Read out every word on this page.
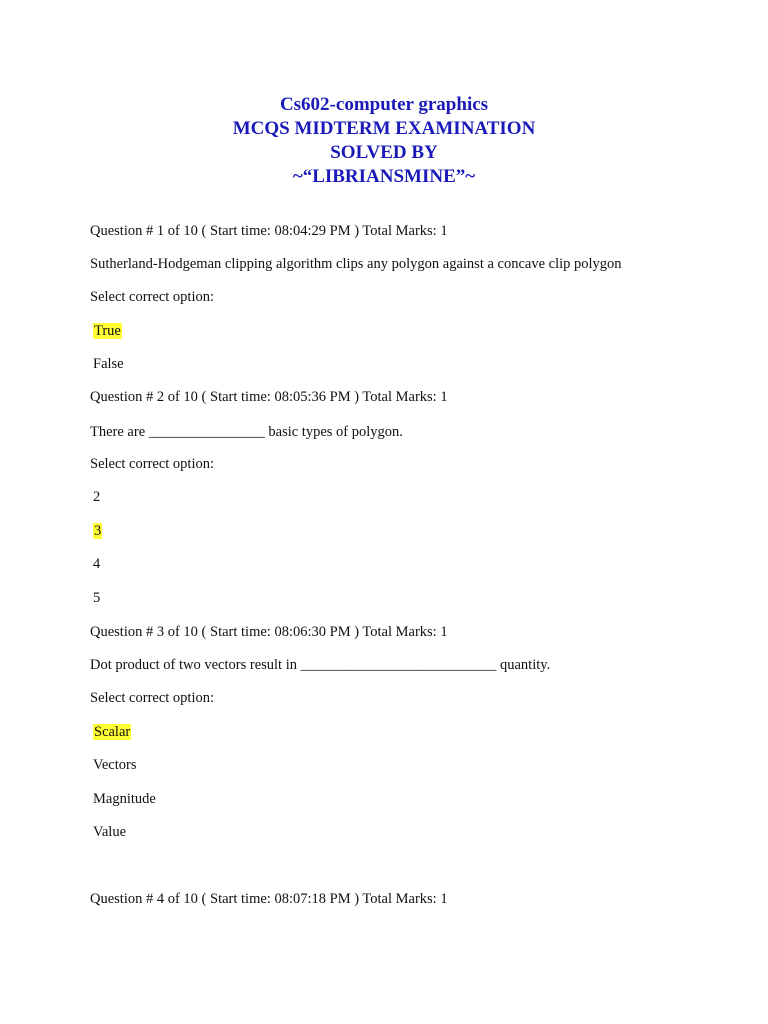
Cs602-computer graphics
MCQS MIDTERM EXAMINATION
SOLVED BY
~“LIBRIANSMINE”~
Question # 1 of 10 ( Start time: 08:04:29 PM ) Total Marks: 1
Sutherland-Hodgeman clipping algorithm clips any polygon against a concave clip polygon
Select correct option:
True
False
Question # 2 of 10 ( Start time: 08:05:36 PM ) Total Marks: 1
There are ________________ basic types of polygon.
Select correct option:
2
3
4
5
Question # 3 of 10 ( Start time: 08:06:30 PM ) Total Marks: 1
Dot product of two vectors result in ___________________________ quantity.
Select correct option:
Scalar
Vectors
Magnitude
Value
Question # 4 of 10 ( Start time: 08:07:18 PM ) Total Marks: 1
